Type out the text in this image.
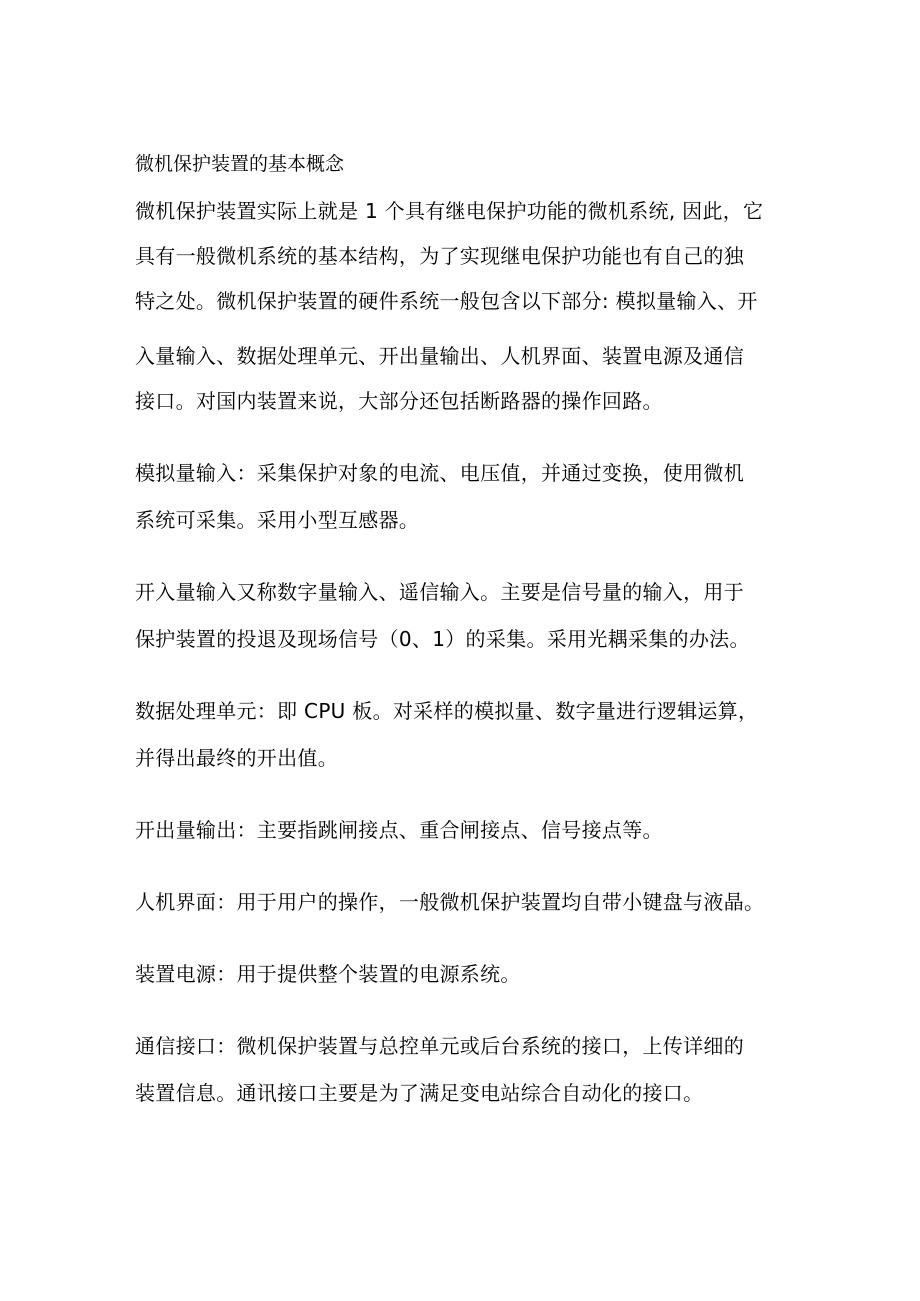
微机保护装置的基本概念

微机保护装置实际上就是 1 个具有继电保护功能的微机系统, 因此，它

具有一般微机系统的基本结构，为了实现继电保护功能也有自己的独

特之处。微机保护装置的硬件系统一般包含以下部分: 模拟量输入、开

入量输入、数据处理单元、开出量输出、人机界面、装置电源及通信

接口。对国内装置来说，大部分还包括断路器的操作回路。

模拟量输入：采集保护对象的电流、电压值，并通过变换，使用微机

系统可采集。采用小型互感器。

开入量输入又称数字量输入、遥信输入。主要是信号量的输入，用于

保护装置的投退及现场信号（0、1）的采集。采用光耦采集的办法。

数据处理单元：即 CPU 板。对采样的模拟量、数字量进行逻辑运算，

并得出最终的开出值。

开出量输出：主要指跳闸接点、重合闸接点、信号接点等。

人机界面：用于用户的操作，一般微机保护装置均自带小键盘与液晶。

装置电源：用于提供整个装置的电源系统。

通信接口：微机保护装置与总控单元或后台系统的接口，上传详细的

装置信息。通讯接口主要是为了满足变电站综合自动化的接口。
